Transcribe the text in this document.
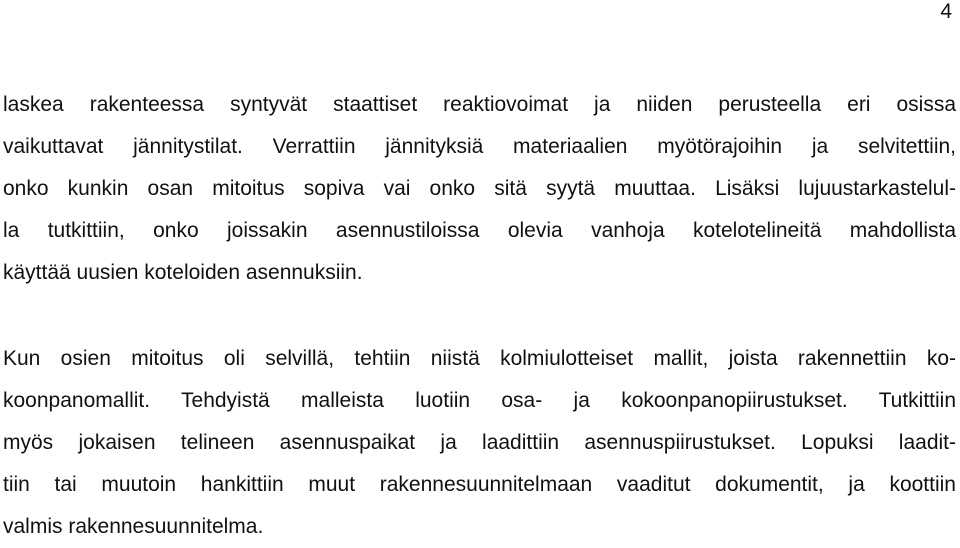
4
laskea rakenteessa syntyvät staattiset reaktiovoimat ja niiden perusteella eri osissa
vaikuttavat jännitystilat. Verrattiin jännityksiä materiaalien myötörajoihin ja selvitettiin,
onko kunkin osan mitoitus sopiva vai onko sitä syytä muuttaa. Lisäksi lujuustarkastelul-
la tutkittiin, onko joissakin asennustiloissa olevia vanhoja kotelotelineitä mahdollista
käyttää uusien koteloiden asennuksiin.
Kun osien mitoitus oli selvillä, tehtiin niistä kolmiulotteiset mallit, joista rakennettiin ko-
koonpanomallit. Tehdyistä malleista luotiin osa- ja kokoonpanopiirustukset. Tutkittiin
myös jokaisen telineen asennuspaikat ja laadittiin asennuspiirustukset. Lopuksi laadit-
tiin tai muutoin hankittiin muut rakennesuunnitelmaan vaaditut dokumentit, ja koottiin
valmis rakennesuunnitelma.
